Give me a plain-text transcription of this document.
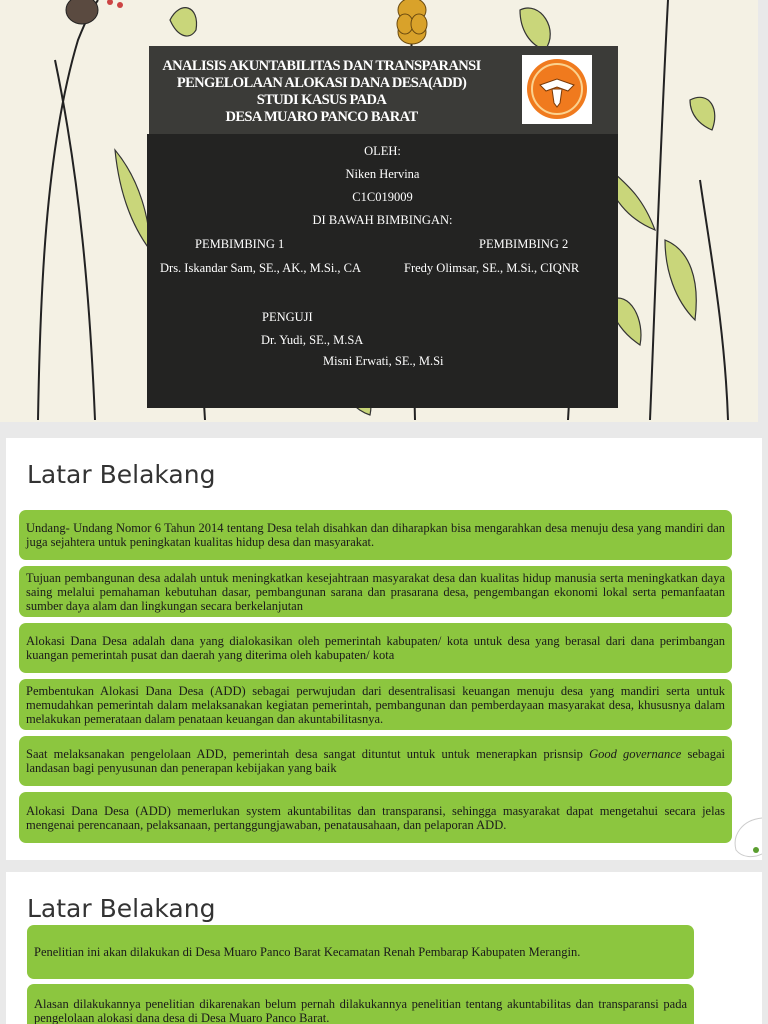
ANALISIS AKUNTABILITAS DAN TRANSPARANSI
PENGELOLAAN ALOKASI DANA DESA(ADD)
STUDI KASUS PADA
DESA MUARO PANCO BARAT
OLEH:
Niken Hervina
C1C019009
DI BAWAH BIMBINGAN:
PEMBIMBING 1
Drs. Iskandar Sam, SE., AK., M.Si., CA
PEMBIMBING 2
Fredy Olimsar, SE., M.Si., CIQNR
PENGUJI
Dr. Yudi, SE., M.SA
Misni Erwati, SE., M.Si
Latar Belakang
Undang- Undang Nomor 6 Tahun 2014 tentang Desa telah disahkan dan diharapkan bisa mengarahkan desa menuju desa yang mandiri dan juga sejahtera untuk peningkatan kualitas hidup desa dan masyarakat.
Tujuan pembangunan desa adalah untuk meningkatkan kesejahtraan masyarakat desa dan kualitas hidup manusia serta meningkatkan daya saing melalui pemahaman kebutuhan dasar, pembangunan sarana dan prasarana desa, pengembangan ekonomi lokal serta pemanfaatan sumber daya alam dan lingkungan secara berkelanjutan
Alokasi Dana Desa adalah dana yang dialokasikan oleh pemerintah kabupaten/ kota untuk desa yang berasal dari dana perimbangan kuangan pemerintah pusat dan daerah yang diterima oleh kabupaten/ kota
Pembentukan Alokasi Dana Desa (ADD) sebagai perwujudan dari desentralisasi keuangan menuju desa yang mandiri serta untuk memudahkan pemerintah dalam melaksanakan kegiatan pemerintah, pembangunan dan pemberdayaan masyarakat desa, khususnya dalam melakukan pemerataan dalam penataan keuangan dan akuntabilitasnya.
Saat melaksanakan pengelolaan ADD, pemerintah desa sangat dituntut untuk untuk menerapkan prisnsip Good governance sebagai landasan bagi penyusunan dan penerapan kebijakan yang baik
Alokasi Dana Desa (ADD) memerlukan system akuntabilitas dan transparansi, sehingga masyarakat dapat mengetahui secara jelas mengenai perencanaan, pelaksanaan, pertanggungjawaban, penatausahaan, dan pelaporan ADD.
Latar Belakang
Penelitian ini akan dilakukan di Desa Muaro Panco Barat Kecamatan Renah Pembarap Kabupaten Merangin.
Alasan dilakukannya penelitian dikarenakan belum pernah dilakukannya penelitian tentang akuntabilitas dan transparansi pada pengelolaan alokasi dana desa di Desa Muaro Panco Barat.
